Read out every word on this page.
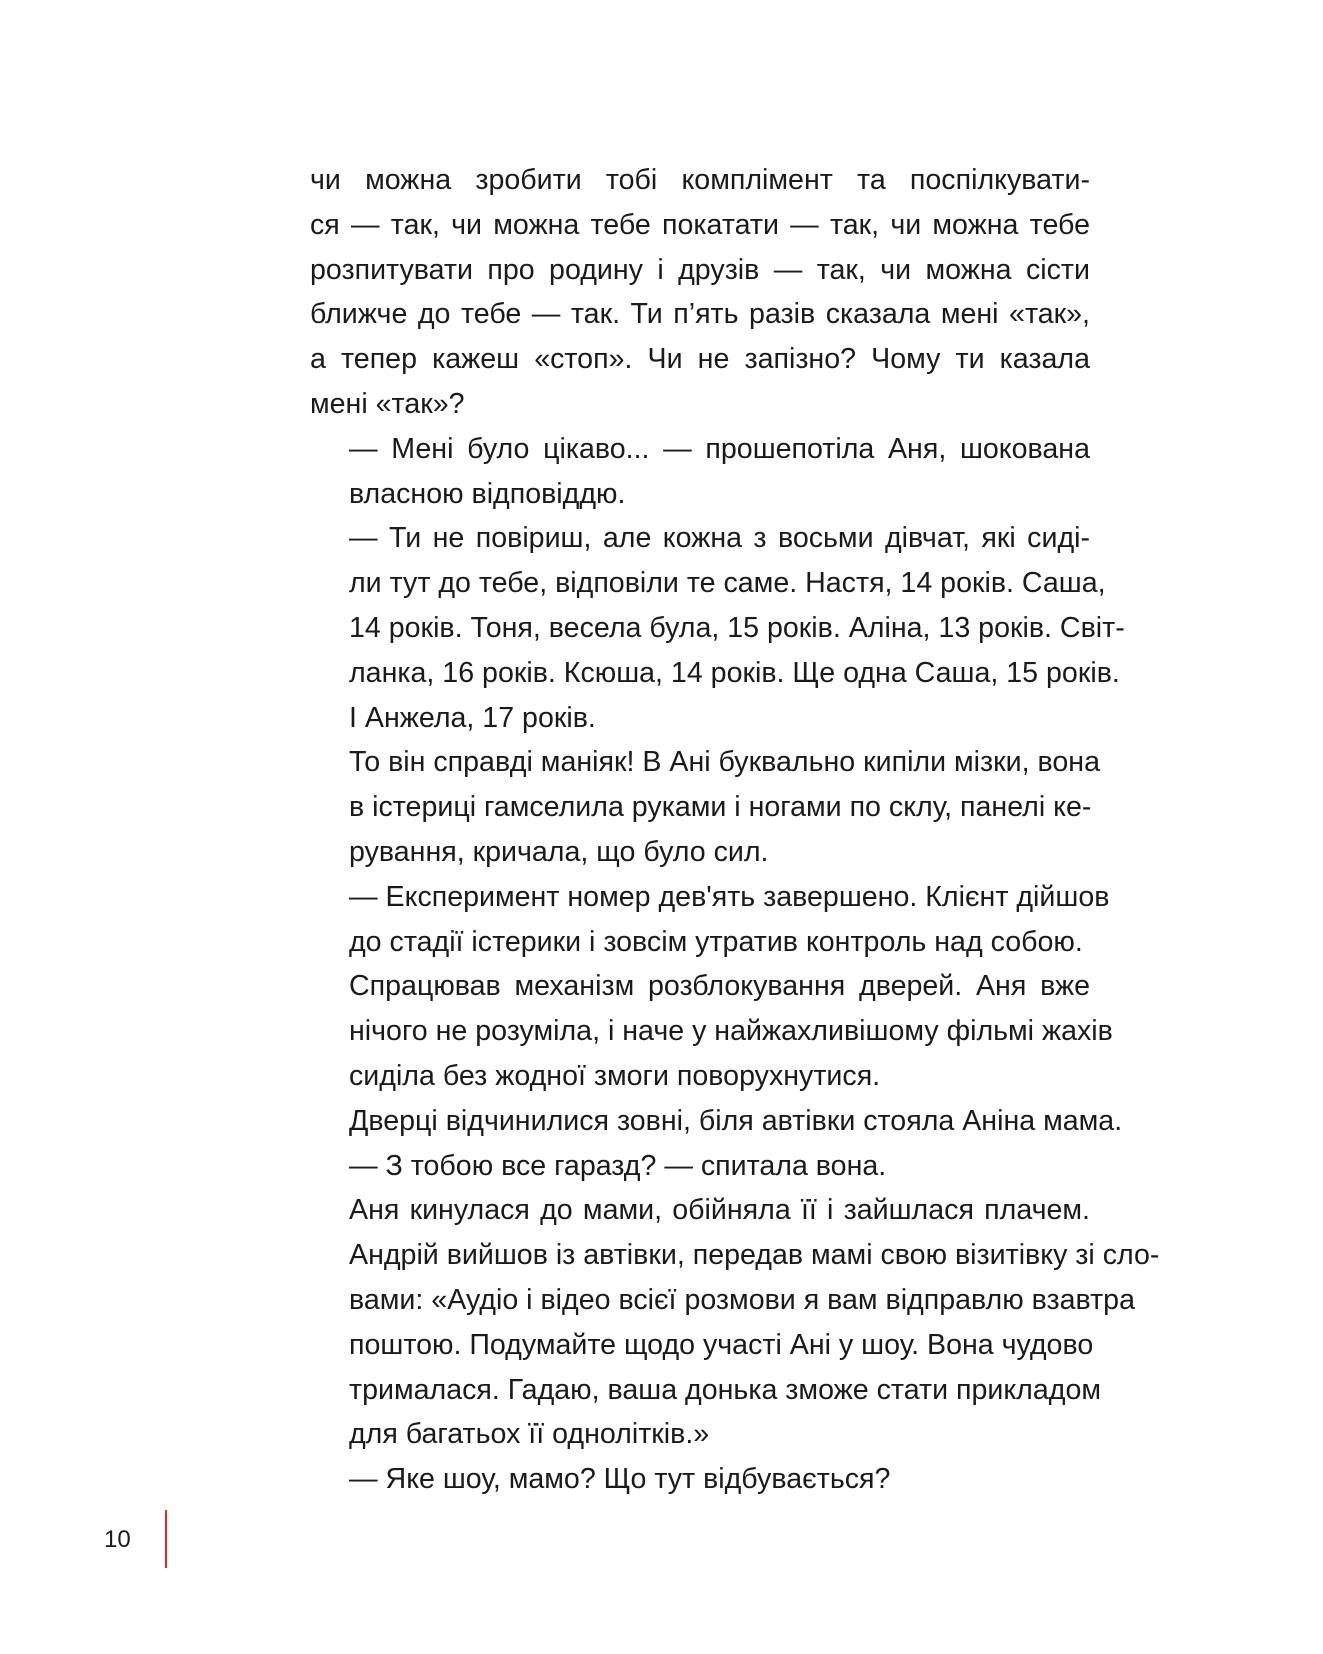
чи можна зробити тобі комплімент та поспілкувати-
ся — так, чи можна тебе покатати — так, чи можна тебе
розпитувати про родину і друзів — так, чи можна сісти
ближче до тебе — так. Ти п’ять разів сказала мені «так»,
а тепер кажеш «стоп». Чи не запізно? Чому ти казала
мені «так»?

— Мені було цікаво... — прошепотіла Аня, шокована
власною відповіддю.

— Ти не повіриш, але кожна з восьми дівчат, які сиді-
ли тут до тебе, відповіли те саме. Настя, 14 років. Саша,
14 років. Тоня, весела була, 15 років. Аліна, 13 років. Світ-
ланка, 16 років. Ксюша, 14 років. Ще одна Саша, 15 років.
І Анжела, 17 років.

То він справді маніяк! В Ані буквально кипіли мізки, вона
в істериці гамселила руками і ногами по склу, панелі ке-
рування, кричала, що було сил.

— Експеримент номер дев'ять завершено. Клієнт дійшов
до стадії істерики і зовсім утратив контроль над собою.

Спрацював механізм розблокування дверей. Аня вже
нічого не розуміла, і наче у найжахливішому фільмі жахів
сиділа без жодної змоги поворухнутися.

Дверці відчинилися зовні, біля автівки стояла Анінa мама.

— З тобою все гаразд? — спитала вона.

Аня кинулася до мами, обійняла її і зайшлася плачем.
Андрій вийшов із автівки, передав мамі свою візитівку зі сло-
вами: «Аудіо і відео всієї розмови я вам відправлю взавтра
поштою. Подумайте щодо участі Ані у шоу. Вона чудово
трималася. Гадаю, ваша донька зможе стати прикладом
для багатьох її однолітків.»

— Яке шоу, мамо? Що тут відбувається?

10
